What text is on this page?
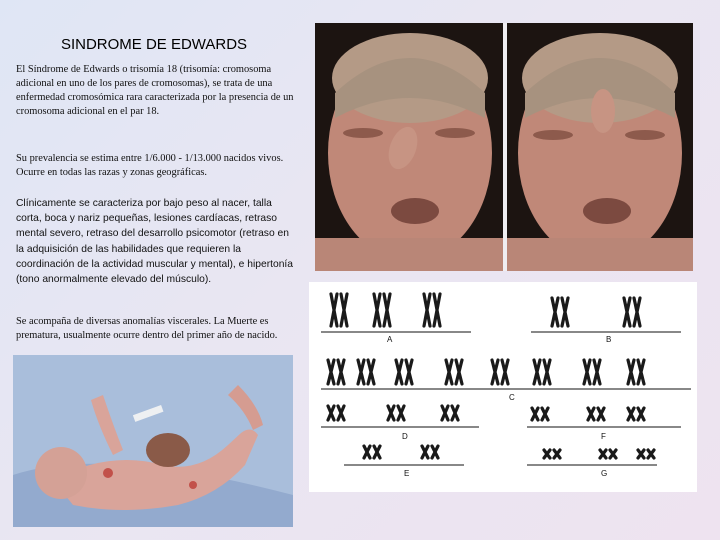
SINDROME DE EDWARDS

El Síndrome de Edwards o trisomía 18 (trisomía: cromosoma adicional en uno de los pares de cromosomas), se trata de una enfermedad cromosómica rara caracterizada por la presencia de un cromosoma adicional en el par 18.

Su prevalencia se estima entre 1/6.000 - 1/13.000 nacidos vivos. Ocurre en todas las razas y zonas geográficas.

Clínicamente se caracteriza por bajo peso al nacer, talla corta, boca y nariz pequeñas, lesiones cardíacas, retraso mental severo, retraso del desarrollo psicomotor (retraso en la adquisición de las habilidades que requieren la coordinación de la actividad muscular y mental), e hipertonía (tono anormalmente elevado del músculo).

Se acompaña de diversas anomalías viscerales. La Muerte es prematura, usualmente ocurre dentro del primer año de nacido.	A	B
C
D
E
F
G
